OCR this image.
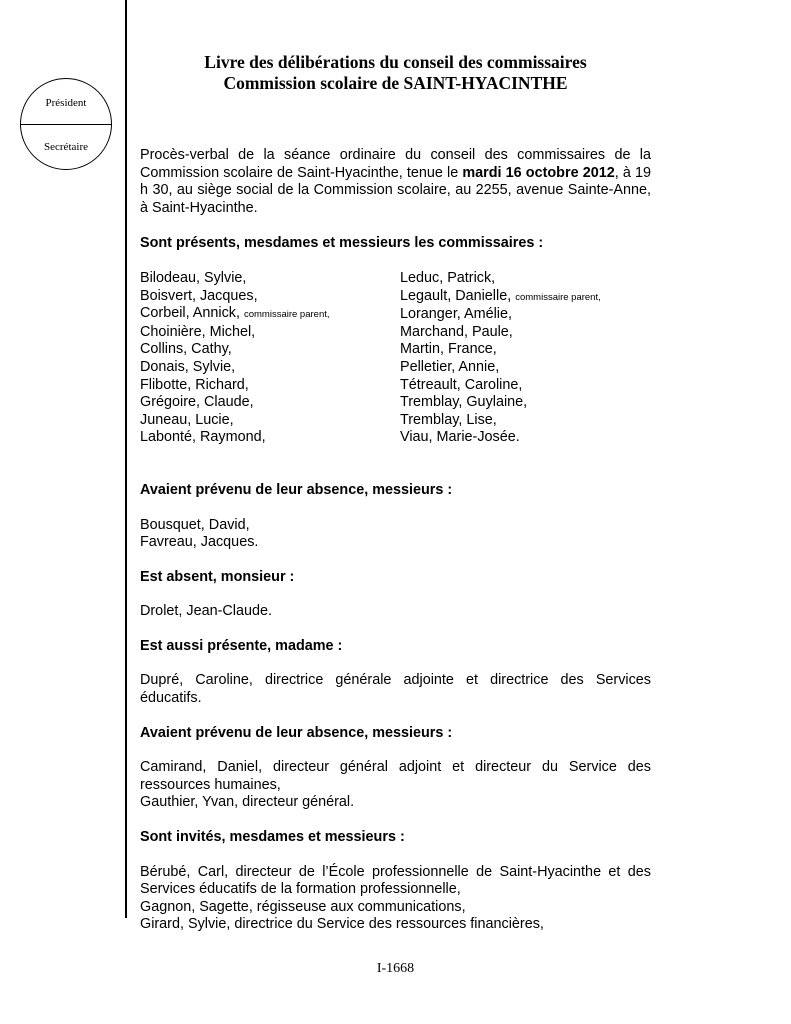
Président
Secrétaire
Livre des délibérations du conseil des commissaires
Commission scolaire de SAINT-HYACINTHE

Procès-verbal de la séance ordinaire du conseil des commissaires de la Commission scolaire de Saint-Hyacinthe, tenue le mardi 16 octobre 2012, à 19 h 30, au siège social de la Commission scolaire, au 2255, avenue Sainte-Anne, à Saint-Hyacinthe.

Sont présents, mesdames et messieurs les commissaires :

Bilodeau, Sylvie,

Boisvert, Jacques,

Corbeil, Annick, commissaire parent,

Choinière, Michel,

Collins, Cathy,

Donais, Sylvie,

Flibotte, Richard,

Grégoire, Claude,

Juneau, Lucie,

Labonté, Raymond,

Leduc, Patrick,

Legault, Danielle, commissaire parent,

Loranger, Amélie,

Marchand, Paule,

Martin, France,

Pelletier, Annie,

Tétreault, Caroline,

Tremblay, Guylaine,

Tremblay, Lise,

Viau, Marie-Josée.

Avaient prévenu de leur absence, messieurs :

Bousquet, David,

Favreau, Jacques.

Est absent, monsieur :

Drolet, Jean-Claude.

Est aussi présente, madame :

Dupré, Caroline, directrice générale adjointe et directrice des Services éducatifs.

Avaient prévenu de leur absence, messieurs :

Camirand, Daniel, directeur général adjoint et directeur du Service des ressources humaines,

Gauthier, Yvan, directeur général.

Sont invités, mesdames et messieurs :

Bérubé, Carl, directeur de l’École professionnelle de Saint-Hyacinthe et des Services éducatifs de la formation professionnelle,

Gagnon, Sagette, régisseuse aux communications,

Girard, Sylvie, directrice du Service des ressources financières,

I-1668
